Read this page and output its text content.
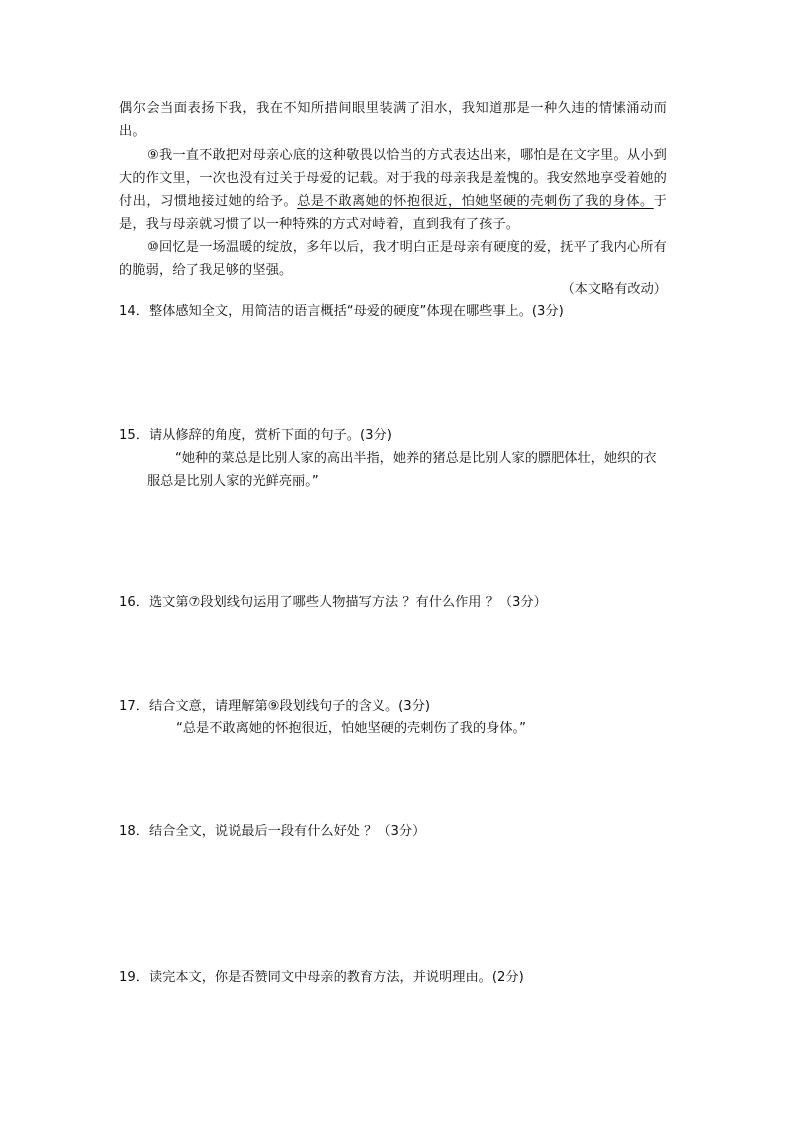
偶尔会当面表扬下我，我在不知所措间眼里装满了泪水，我知道那是一种久违的情愫涌动而出。

⑨我一直不敢把对母亲心底的这种敬畏以恰当的方式表达出来，哪怕是在文字里。从小到大的作文里，一次也没有过关于母爱的记载。对于我的母亲我是羞愧的。我安然地享受着她的付出，习惯地接过她的给予。总是不敢离她的怀抱很近，怕她坚硬的壳刺伤了我的身体。于是，我与母亲就习惯了以一种特殊的方式对峙着，直到我有了孩子。

⑩回忆是一场温暖的绽放，多年以后，我才明白正是母亲有硬度的爱，抚平了我内心所有的脆弱，给了我足够的坚强。

（本文略有改动）

14．整体感知全文，用简洁的语言概括“母爱的硬度”体现在哪些事上。(3分)

15．请从修辞的角度，赏析下面的句子。(3分)

“她种的菜总是比别人家的高出半指，她养的猪总是比别人家的膘肥体壮，她织的衣服总是比别人家的光鲜亮丽。”

16．选文第⑦段划线句运用了哪些人物描写方法 ？有什么作用 ？（3分）

17．结合文意，请理解第⑨段划线句子的含义。(3分)

“总是不敢离她的怀抱很近，怕她坚硬的壳刺伤了我的身体。”

18．结合全文，说说最后一段有什么好处 ？（3分）

19．读完本文，你是否赞同文中母亲的教育方法，并说明理由。(2分)
